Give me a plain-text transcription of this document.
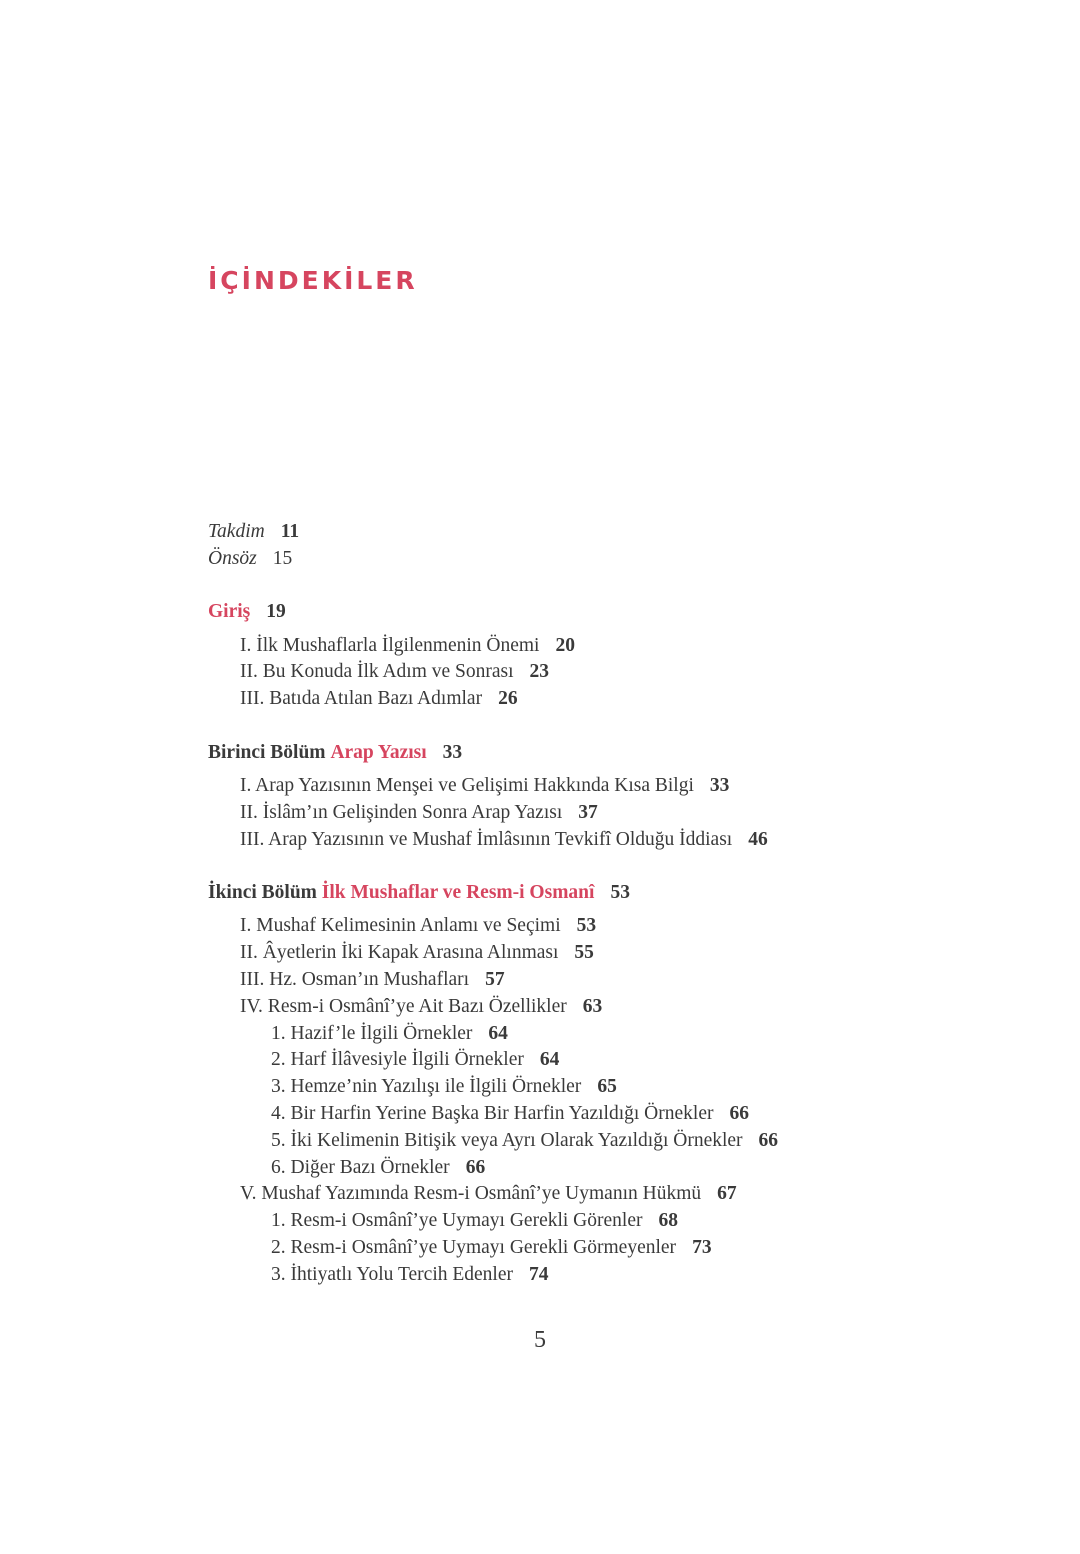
İÇİNDEKİLER
Takdim 11
Önsöz 15
Giriş 19
I. İlk Mushaflarla İlgilenmenin Önemi 20
II. Bu Konuda İlk Adım ve Sonrası 23
III. Batıda Atılan Bazı Adımlar 26
Birinci Bölüm Arap Yazısı 33
I. Arap Yazısının Menşei ve Gelişimi Hakkında Kısa Bilgi 33
II. İslâm’ın Gelişinden Sonra Arap Yazısı 37
III. Arap Yazısının ve Mushaf İmlâsının Tevkifî Olduğu İddiası 46
İkinci Bölüm İlk Mushaflar ve Resm-i Osmanî 53
I. Mushaf Kelimesinin Anlamı ve Seçimi 53
II. Âyetlerin İki Kapak Arasına Alınması 55
III. Hz. Osman’ın Mushafları 57
IV. Resm-i Osmânî’ye Ait Bazı Özellikler 63
1. Hazif’le İlgili Örnekler 64
2. Harf İlâvesiyle İlgili Örnekler 64
3. Hemze’nin Yazılışı ile İlgili Örnekler 65
4. Bir Harfin Yerine Başka Bir Harfin Yazıldığı Örnekler 66
5. İki Kelimenin Bitişik veya Ayrı Olarak Yazıldığı Örnekler 66
6. Diğer Bazı Örnekler 66
V. Mushaf Yazımında Resm-i Osmânî’ye Uymanın Hükmü 67
1. Resm-i Osmânî’ye Uymayı Gerekli Görenler 68
2. Resm-i Osmânî’ye Uymayı Gerekli Görmeyenler 73
3. İhtiyatlı Yolu Tercih Edenler 74
5
